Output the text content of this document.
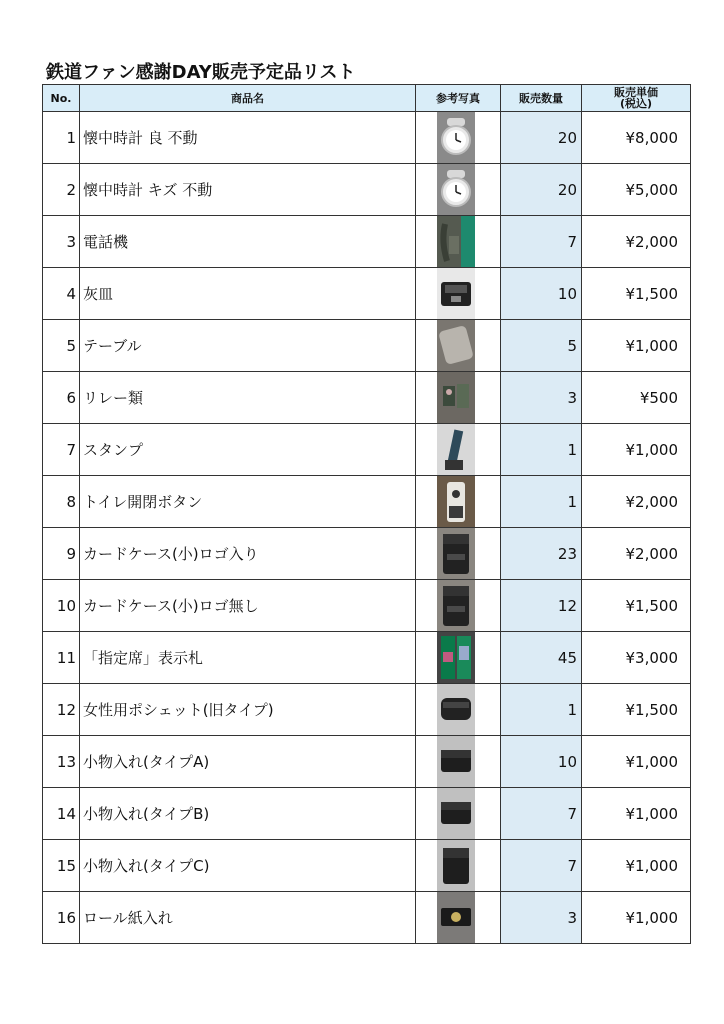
鉄道ファン感謝DAY販売予定品リスト
No.	商品名	参考写真	販売数量	販売単価
(税込)

1	懐中時計 良 不動		20	¥8,000
2	懐中時計 キズ 不動		20	¥5,000
3	電話機		7	¥2,000
4	灰皿		10	¥1,500
5	テーブル		5	¥1,000
6	リレー類		3	¥500
7	スタンプ		1	¥1,000
8	トイレ開閉ボタン		1	¥2,000
9	カードケース(小)ロゴ入り		23	¥2,000
10	カードケース(小)ロゴ無し		12	¥1,500
11	「指定席」表示札		45	¥3,000
12	女性用ポシェット(旧タイプ)		1	¥1,500
13	小物入れ(タイプA)		10	¥1,000
14	小物入れ(タイプB)		7	¥1,000
15	小物入れ(タイプC)		7	¥1,000
16	ロール紙入れ		3	¥1,000
